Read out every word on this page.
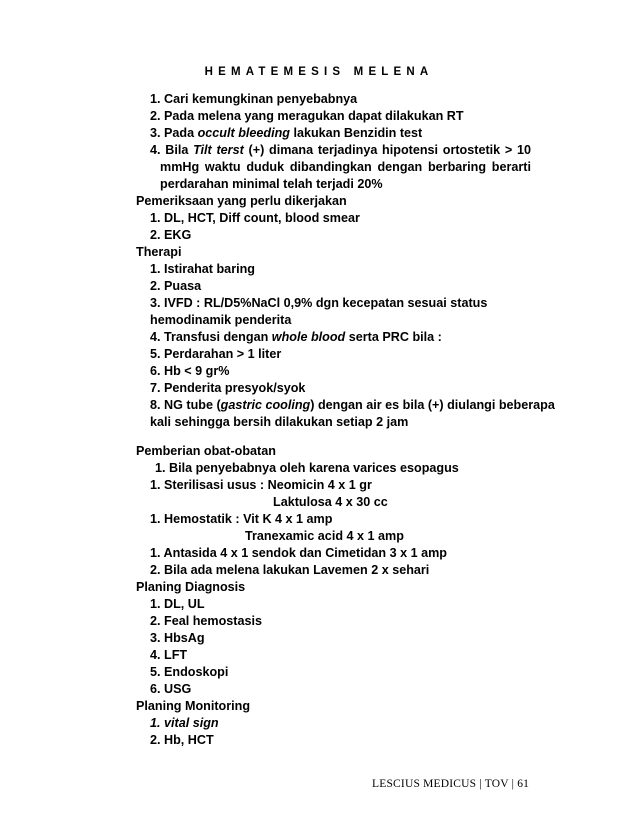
HEMATEMESIS MELENA
1. Cari kemungkinan penyebabnya
2. Pada melena yang meragukan dapat dilakukan RT
3. Pada occult bleeding lakukan Benzidin test
4. Bila Tilt terst (+) dimana terjadinya hipotensi ortostetik > 10
mmHg waktu duduk dibandingkan dengan berbaring berarti
perdarahan minimal telah terjadi 20%
Pemeriksaan yang perlu dikerjakan
1. DL, HCT, Diff count, blood smear
2. EKG
Therapi
1. Istirahat baring
2. Puasa
3. IVFD : RL/D5%NaCl 0,9% dgn kecepatan sesuai status
hemodinamik penderita
4. Transfusi dengan whole blood serta PRC bila :
5. Perdarahan > 1 liter
6. Hb < 9 gr%
7. Penderita presyok/syok
8. NG tube (gastric cooling) dengan air es bila (+) diulangi beberapa
kali sehingga bersih dilakukan setiap 2 jam
Pemberian obat-obatan
1. Bila penyebabnya oleh karena varices esopagus
1. Sterilisasi usus : Neomicin 4 x 1 gr
Laktulosa 4 x 30 cc
1. Hemostatik : Vit K 4 x 1 amp
Tranexamic acid 4 x 1 amp
1. Antasida 4 x 1 sendok dan Cimetidan 3 x 1 amp
2. Bila ada melena lakukan Lavemen 2 x sehari
Planing Diagnosis
1. DL, UL
2. Feal hemostasis
3. HbsAg
4. LFT
5. Endoskopi
6. USG
Planing Monitoring
1. vital sign
2. Hb, HCT
LESCIUS MEDICUS | TOV | 61
